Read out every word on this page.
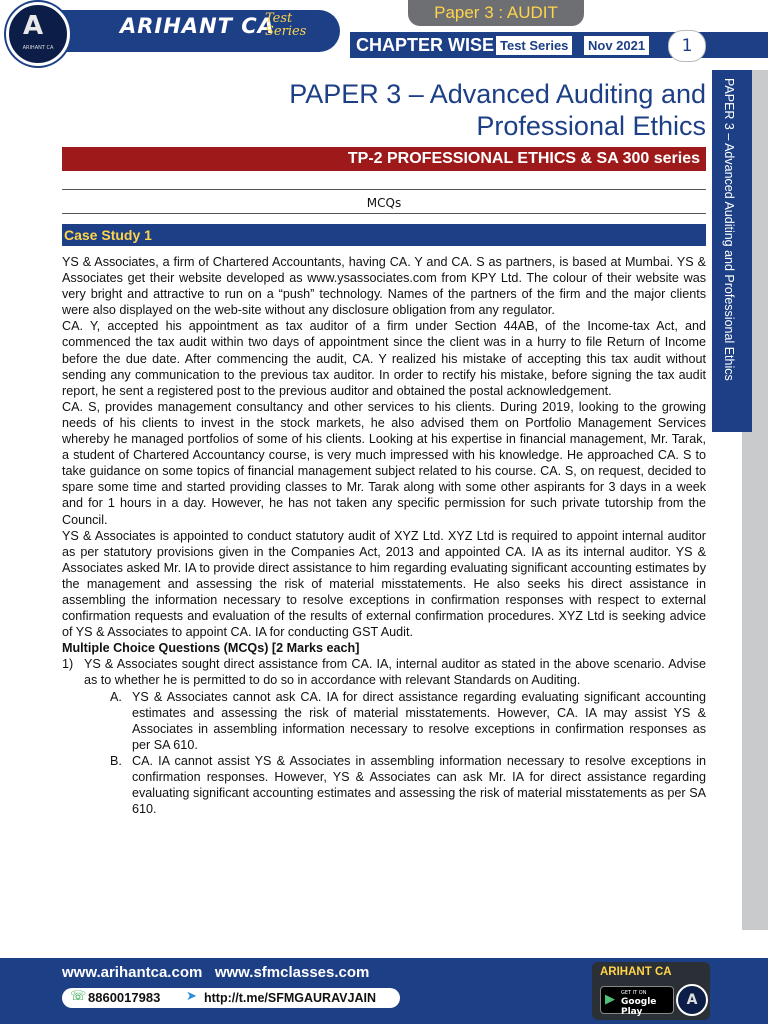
Paper 3 : AUDIT
A
ARIHANT CA
ARIHANT CA
Test Series
CHAPTER WISE Test Series	Nov 2021	1
PAPER 3 – Advanced Auditing and Professional Ethics
PAPER 3 – Advanced Auditing and
Professional Ethics
TP-2 PROFESSIONAL ETHICS & SA 300 series
MCQs
Case Study 1

YS & Associates, a firm of Chartered Accountants, having CA. Y and CA. S as partners, is based at Mumbai. YS & Associates get their website developed as www.ysassociates.com from KPY Ltd. The colour of their website was very bright and attractive to run on a “push” technology. Names of the partners of the firm and the major clients were also displayed on the web-site without any disclosure obligation from any regulator.

CA. Y, accepted his appointment as tax auditor of a firm under Section 44AB, of the Income-tax Act, and commenced the tax audit within two days of appointment since the client was in a hurry to file Return of Income before the due date. After commencing the audit, CA. Y realized his mistake of accepting this tax audit without sending any communication to the previous tax auditor. In order to rectify his mistake, before signing the tax audit report, he sent a registered post to the previous auditor and obtained the postal acknowledgement.

CA. S, provides management consultancy and other services to his clients. During 2019, looking to the growing needs of his clients to invest in the stock markets, he also advised them on Portfolio Management Services whereby he managed portfolios of some of his clients. Looking at his expertise in financial management, Mr. Tarak, a student of Chartered Accountancy course, is very much impressed with his knowledge. He approached CA. S to take guidance on some topics of financial management subject related to his course. CA. S, on request, decided to spare some time and started providing classes to Mr. Tarak along with some other aspirants for 3 days in a week and for 1 hours in a day. However, he has not taken any specific permission for such private tutorship from the Council.

YS & Associates is appointed to conduct statutory audit of XYZ Ltd. XYZ Ltd is required to appoint internal auditor as per statutory provisions given in the Companies Act, 2013 and appointed CA. IA as its internal auditor. YS & Associates asked Mr. IA to provide direct assistance to him regarding evaluating significant accounting estimates by the management and assessing the risk of material misstatements. He also seeks his direct assistance in assembling the information necessary to resolve exceptions in confirmation responses with respect to external confirmation requests and evaluation of the results of external confirmation procedures. XYZ Ltd is seeking advice of YS & Associates to appoint CA. IA for conducting GST Audit.

Multiple Choice Questions (MCQs) [2 Marks each]

1) YS & Associates sought direct assistance from CA. IA, internal auditor as stated in the above scenario. Advise as to whether he is permitted to do so in accordance with relevant Standards on Auditing.
A. YS & Associates cannot ask CA. IA for direct assistance regarding evaluating significant accounting estimates and assessing the risk of material misstatements. However, CA. IA may assist YS & Associates in assembling information necessary to resolve exceptions in confirmation responses as per SA 610.
B. CA. IA cannot assist YS & Associates in assembling information necessary to resolve exceptions in confirmation responses. However, YS & Associates can ask Mr. IA for direct assistance regarding evaluating significant accounting estimates and assessing the risk of material misstatements as per SA 610.
www.arihantca.com www.sfmclasses.com
☏ 8860017983 ➤ http://t.me/SFMGAURAVJAIN
ARIHANT CA
▶ GET IT ON
Google Play
A
